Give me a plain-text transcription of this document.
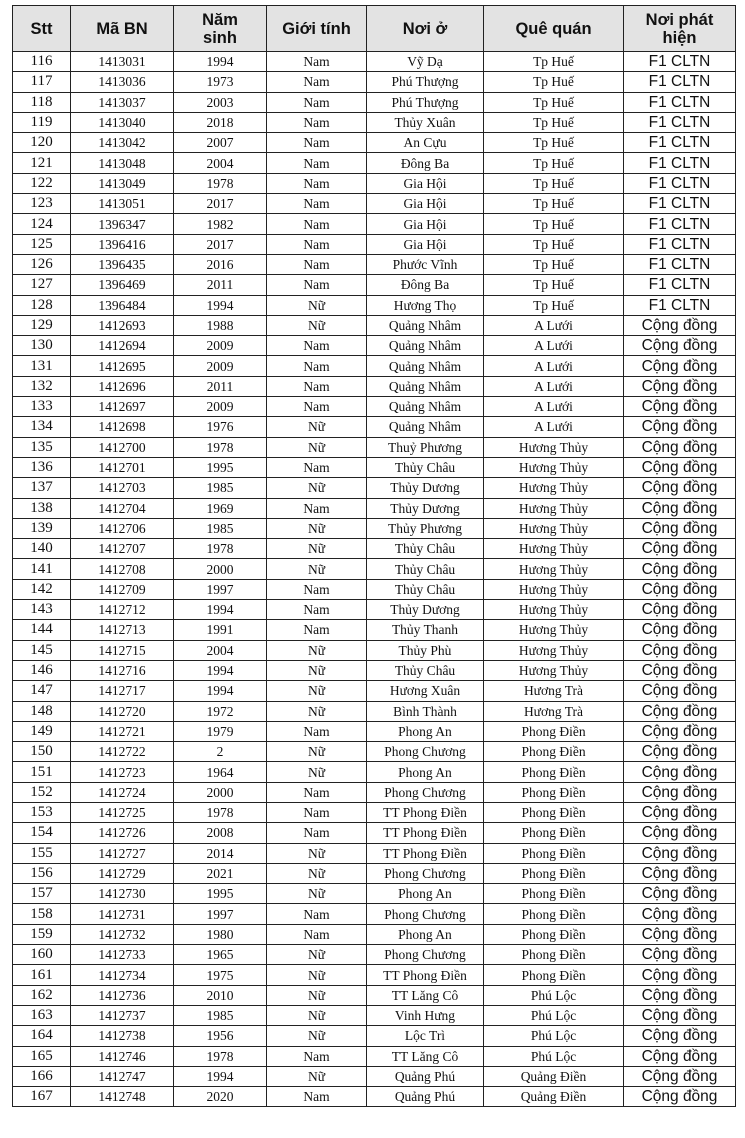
Stt	Mã BN	Năm sinh	Giới tính	Nơi ở	Quê quán	Nơi phát hiện
116	1413031	1994	Nam	Vỹ Dạ	Tp Huế	F1 CLTN
117	1413036	1973	Nam	Phú Thượng	Tp Huế	F1 CLTN
118	1413037	2003	Nam	Phú Thượng	Tp Huế	F1 CLTN
119	1413040	2018	Nam	Thủy Xuân	Tp Huế	F1 CLTN
120	1413042	2007	Nam	An Cựu	Tp Huế	F1 CLTN
121	1413048	2004	Nam	Đông Ba	Tp Huế	F1 CLTN
122	1413049	1978	Nam	Gia Hội	Tp Huế	F1 CLTN
123	1413051	2017	Nam	Gia Hội	Tp Huế	F1 CLTN
124	1396347	1982	Nam	Gia Hội	Tp Huế	F1 CLTN
125	1396416	2017	Nam	Gia Hội	Tp Huế	F1 CLTN
126	1396435	2016	Nam	Phước Vĩnh	Tp Huế	F1 CLTN
127	1396469	2011	Nam	Đông Ba	Tp Huế	F1 CLTN
128	1396484	1994	Nữ	Hương Thọ	Tp Huế	F1 CLTN
129	1412693	1988	Nữ	Quảng Nhâm	A Lưới	Cộng đồng
130	1412694	2009	Nam	Quảng Nhâm	A Lưới	Cộng đồng
131	1412695	2009	Nam	Quảng Nhâm	A Lưới	Cộng đồng
132	1412696	2011	Nam	Quảng Nhâm	A Lưới	Cộng đồng
133	1412697	2009	Nam	Quảng Nhâm	A Lưới	Cộng đồng
134	1412698	1976	Nữ	Quảng Nhâm	A Lưới	Cộng đồng
135	1412700	1978	Nữ	Thuỷ Phương	Hương Thủy	Cộng đồng
136	1412701	1995	Nam	Thủy Châu	Hương Thủy	Cộng đồng
137	1412703	1985	Nữ	Thủy Dương	Hương Thủy	Cộng đồng
138	1412704	1969	Nam	Thủy Dương	Hương Thủy	Cộng đồng
139	1412706	1985	Nữ	Thủy Phương	Hương Thủy	Cộng đồng
140	1412707	1978	Nữ	Thủy Châu	Hương Thủy	Cộng đồng
141	1412708	2000	Nữ	Thủy Châu	Hương Thủy	Cộng đồng
142	1412709	1997	Nam	Thủy Châu	Hương Thủy	Cộng đồng
143	1412712	1994	Nam	Thủy Dương	Hương Thủy	Cộng đồng
144	1412713	1991	Nam	Thủy Thanh	Hương Thủy	Cộng đồng
145	1412715	2004	Nữ	Thủy Phù	Hương Thủy	Cộng đồng
146	1412716	1994	Nữ	Thủy Châu	Hương Thủy	Cộng đồng
147	1412717	1994	Nữ	Hương Xuân	Hương Trà	Cộng đồng
148	1412720	1972	Nữ	Bình Thành	Hương Trà	Cộng đồng
149	1412721	1979	Nam	Phong An	Phong Điền	Cộng đồng
150	1412722	2	Nữ	Phong Chương	Phong Điền	Cộng đồng
151	1412723	1964	Nữ	Phong An	Phong Điền	Cộng đồng
152	1412724	2000	Nam	Phong Chương	Phong Điền	Cộng đồng
153	1412725	1978	Nam	TT Phong Điền	Phong Điền	Cộng đồng
154	1412726	2008	Nam	TT Phong Điền	Phong Điền	Cộng đồng
155	1412727	2014	Nữ	TT Phong Điền	Phong Điền	Cộng đồng
156	1412729	2021	Nữ	Phong Chương	Phong Điền	Cộng đồng
157	1412730	1995	Nữ	Phong An	Phong Điền	Cộng đồng
158	1412731	1997	Nam	Phong Chương	Phong Điền	Cộng đồng
159	1412732	1980	Nam	Phong An	Phong Điền	Cộng đồng
160	1412733	1965	Nữ	Phong Chương	Phong Điền	Cộng đồng
161	1412734	1975	Nữ	TT Phong Điền	Phong Điền	Cộng đồng
162	1412736	2010	Nữ	TT Lăng Cô	Phú Lộc	Cộng đồng
163	1412737	1985	Nữ	Vinh Hưng	Phú Lộc	Cộng đồng
164	1412738	1956	Nữ	Lộc Trì	Phú Lộc	Cộng đồng
165	1412746	1978	Nam	TT Lăng Cô	Phú Lộc	Cộng đồng
166	1412747	1994	Nữ	Quảng Phú	Quảng Điền	Cộng đồng
167	1412748	2020	Nam	Quảng Phú	Quảng Điền	Cộng đồng
